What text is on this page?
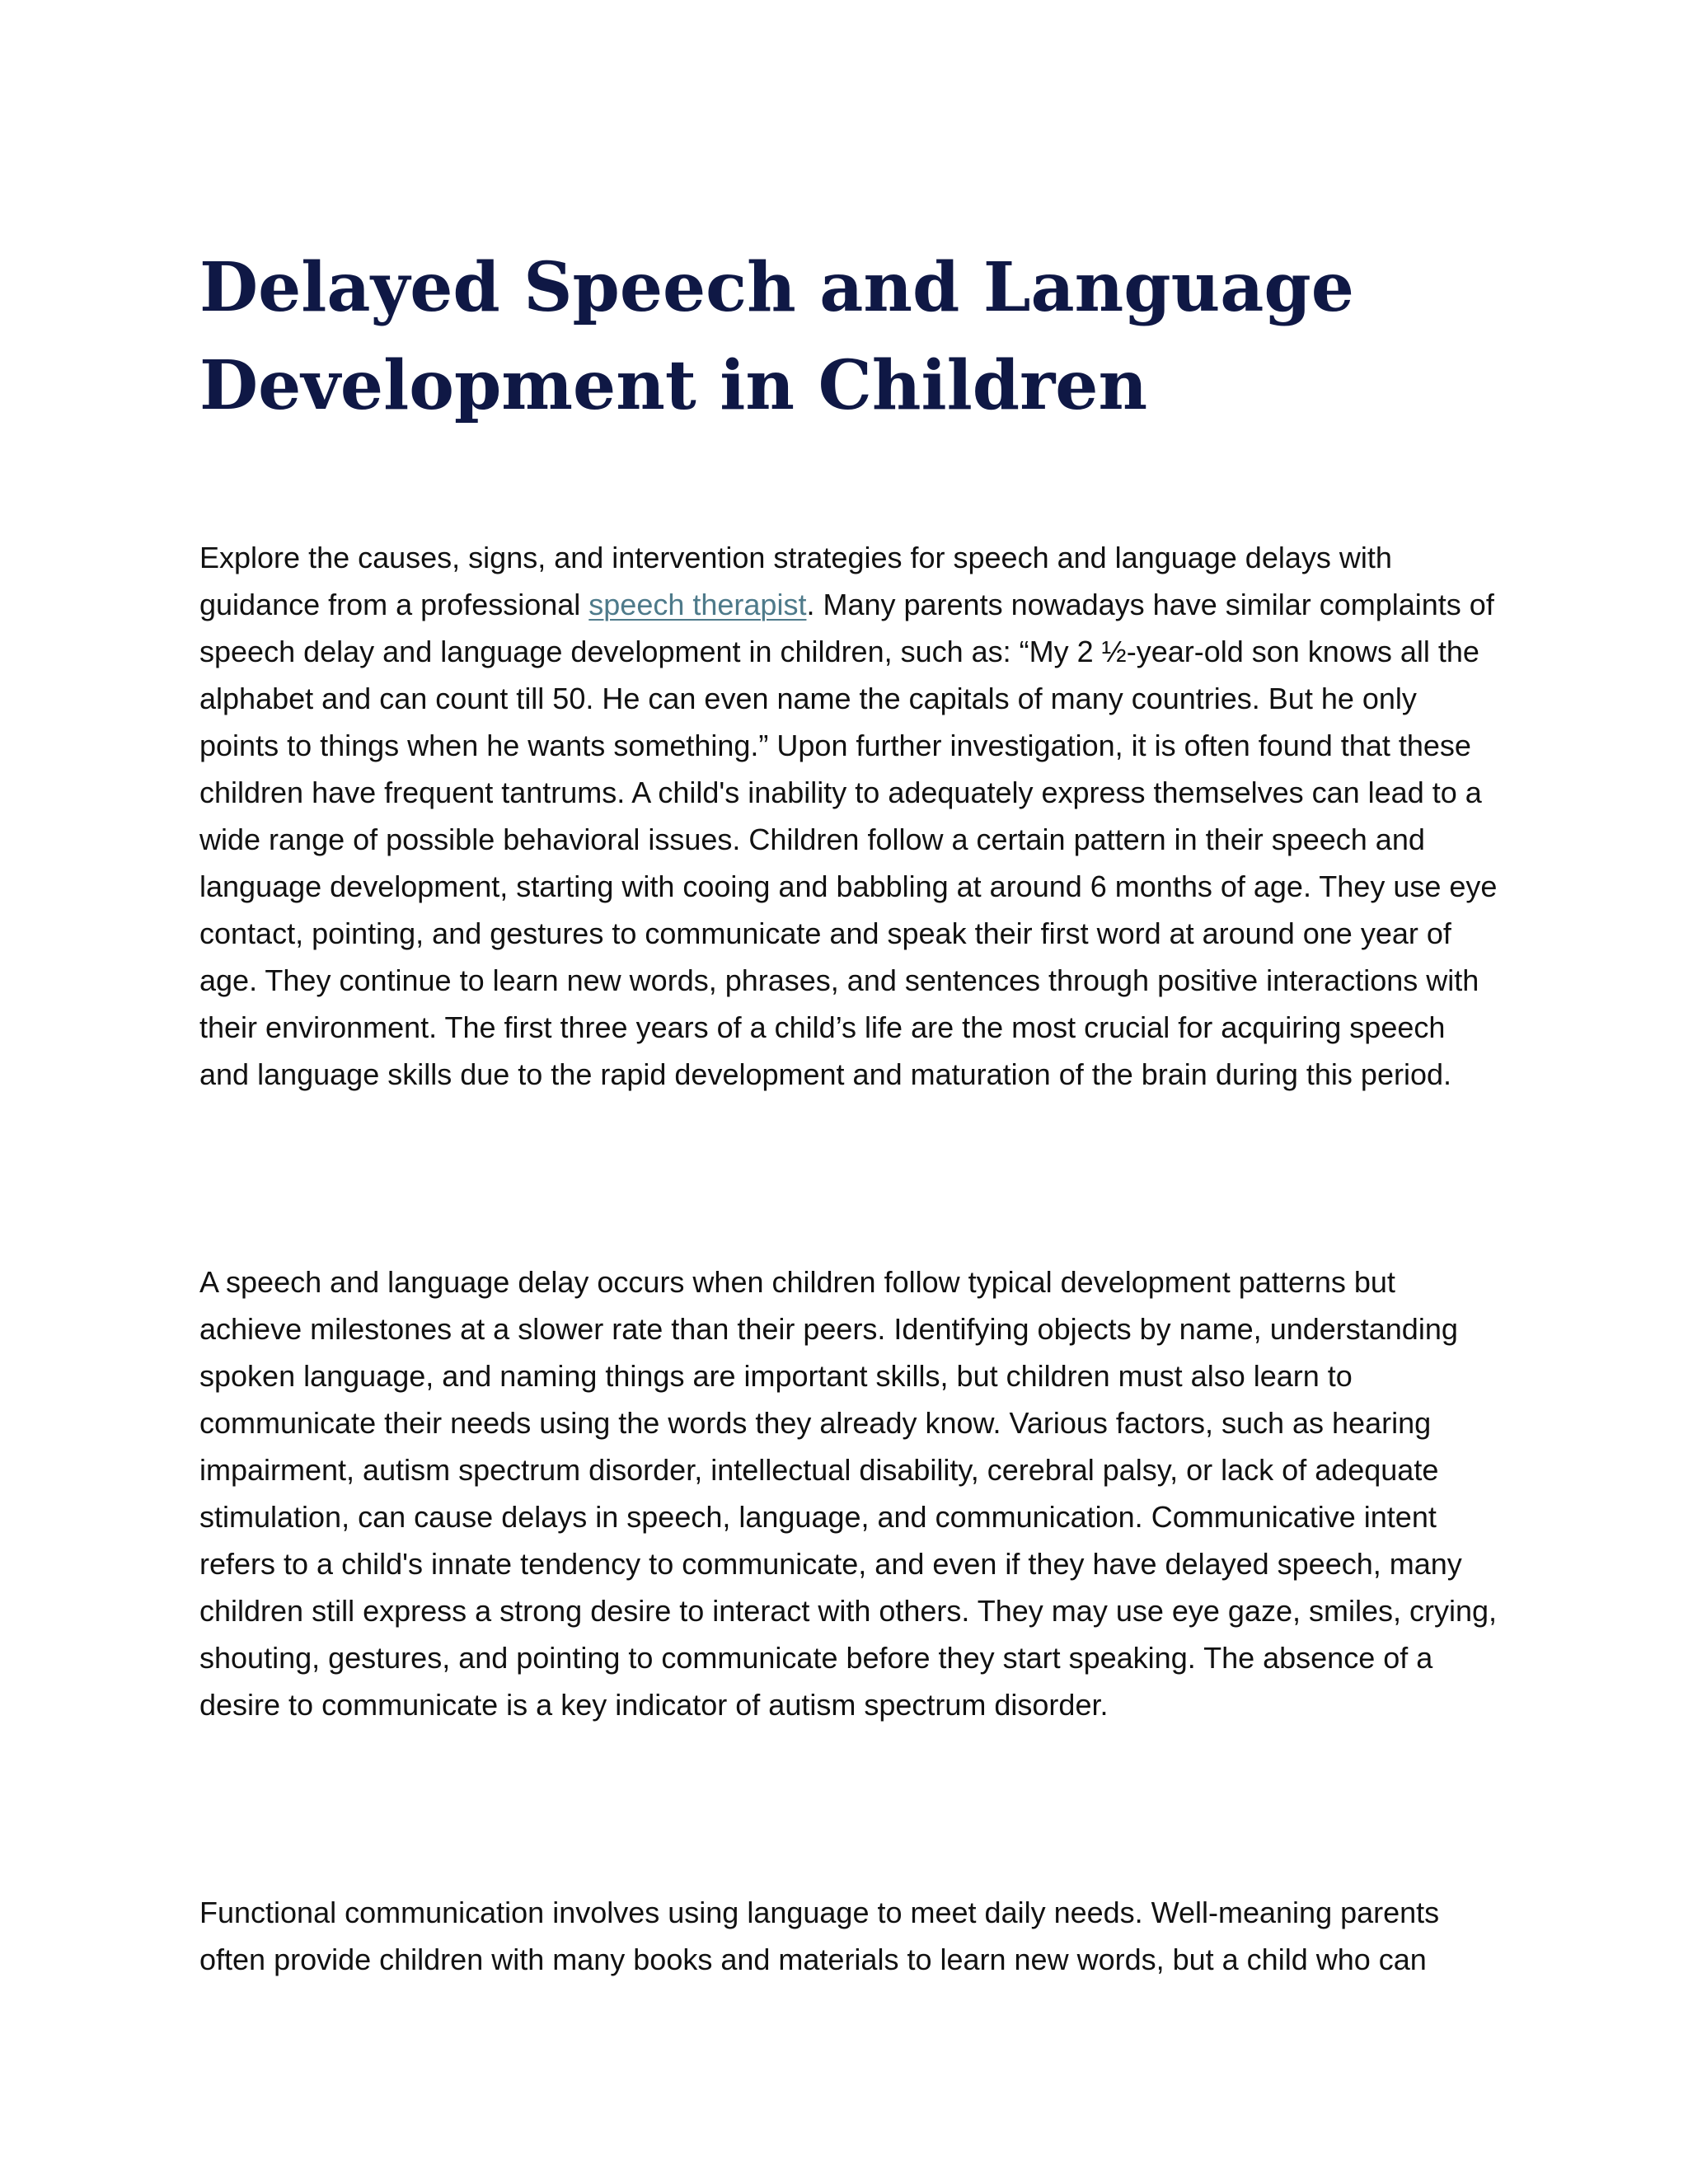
Delayed Speech and Language Development in Children

Explore the causes, signs, and intervention strategies for speech and language delays with guidance from a professional speech therapist. Many parents nowadays have similar complaints of speech delay and language development in children, such as: “My 2 ½-year-old son knows all the alphabet and can count till 50. He can even name the capitals of many countries. But he only points to things when he wants something.” Upon further investigation, it is often found that these children have frequent tantrums. A child's inability to adequately express themselves can lead to a wide range of possible behavioral issues. Children follow a certain pattern in their speech and language development, starting with cooing and babbling at around 6 months of age. They use eye contact, pointing, and gestures to communicate and speak their first word at around one year of age. They continue to learn new words, phrases, and sentences through positive interactions with their environment. The first three years of a child’s life are the most crucial for acquiring speech and language skills due to the rapid development and maturation of the brain during this period.

A speech and language delay occurs when children follow typical development patterns but achieve milestones at a slower rate than their peers. Identifying objects by name, understanding spoken language, and naming things are important skills, but children must also learn to communicate their needs using the words they already know. Various factors, such as hearing impairment, autism spectrum disorder, intellectual disability, cerebral palsy, or lack of adequate stimulation, can cause delays in speech, language, and communication. Communicative intent refers to a child's innate tendency to communicate, and even if they have delayed speech, many children still express a strong desire to interact with others. They may use eye gaze, smiles, crying, shouting, gestures, and pointing to communicate before they start speaking. The absence of a desire to communicate is a key indicator of autism spectrum disorder.

Functional communication involves using language to meet daily needs. Well-meaning parents often provide children with many books and materials to learn new words, but a child who can
